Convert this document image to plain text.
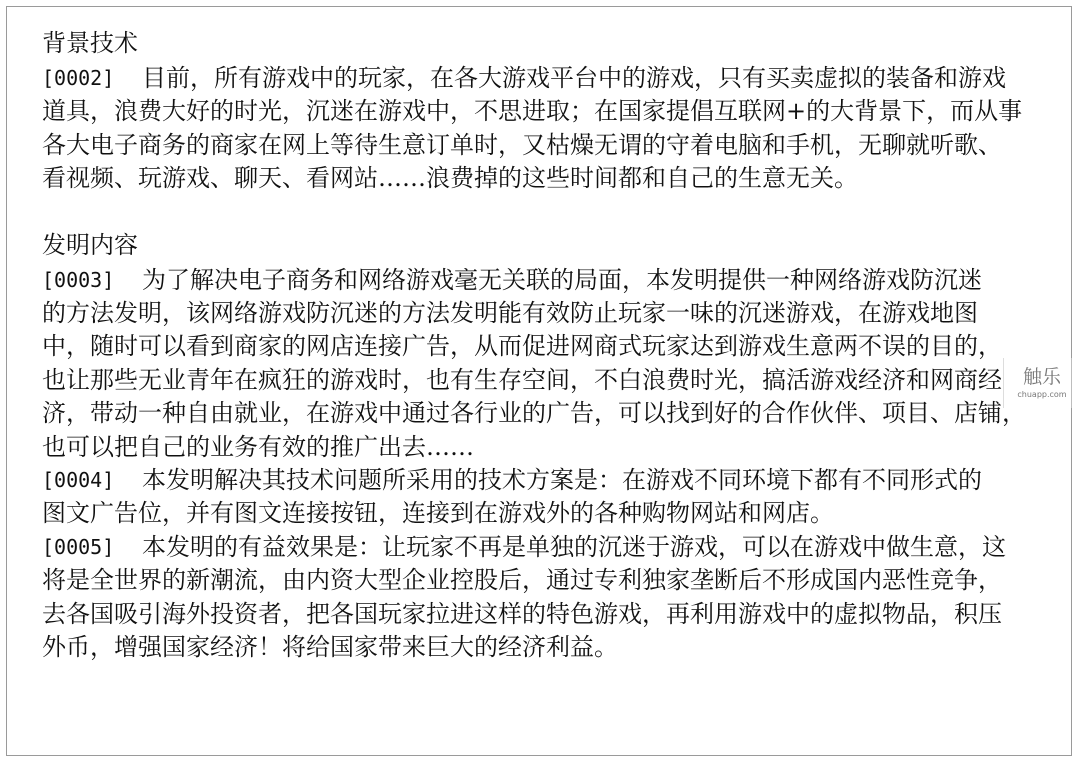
背景技术
[0002]	目前，所有游戏中的玩家，在各大游戏平台中的游戏，只有买卖虚拟的装备和游戏
道具，浪费大好的时光，沉迷在游戏中，不思进取；在国家提倡互联网+的大背景下，而从事
各大电子商务的商家在网上等待生意订单时，又枯燥无谓的守着电脑和手机，无聊就听歌、
看视频、玩游戏、聊天、看网站……浪费掉的这些时间都和自己的生意无关。
发明内容
[0003]	为了解决电子商务和网络游戏毫无关联的局面，本发明提供一种网络游戏防沉迷
的方法发明，该网络游戏防沉迷的方法发明能有效防止玩家一味的沉迷游戏，在游戏地图
中，随时可以看到商家的网店连接广告，从而促进网商式玩家达到游戏生意两不误的目的，
也让那些无业青年在疯狂的游戏时，也有生存空间，不白浪费时光，搞活游戏经济和网商经
济，带动一种自由就业，在游戏中通过各行业的广告，可以找到好的合作伙伴、项目、店铺，
也可以把自己的业务有效的推广出去……
[0004]	本发明解决其技术问题所采用的技术方案是：在游戏不同环境下都有不同形式的
图文广告位，并有图文连接按钮，连接到在游戏外的各种购物网站和网店。
[0005]	本发明的有益效果是：让玩家不再是单独的沉迷于游戏，可以在游戏中做生意，这
将是全世界的新潮流，由内资大型企业控股后，通过专利独家垄断后不形成国内恶性竞争，
去各国吸引海外投资者，把各国玩家拉进这样的特色游戏，再利用游戏中的虚拟物品，积压
外币，增强国家经济！将给国家带来巨大的经济利益。
触乐
chuapp.com
